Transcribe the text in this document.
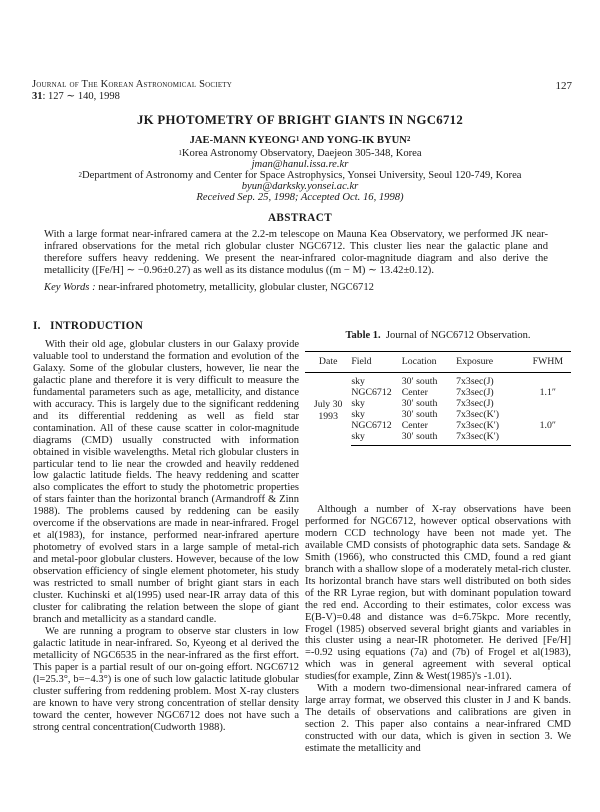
Journal of The Korean Astronomical Society
31: 127 ∼ 140, 1998
127
JK PHOTOMETRY OF BRIGHT GIANTS IN NGC6712
JAE-MANN KYEONG$^1$ AND YONG-IK BYUN$^2$
$^1$Korea Astronomy Observatory, Daejeon 305-348, Korea
jman@hanul.issa.re.kr
$^2$Department of Astronomy and Center for Space Astrophysics, Yonsei University, Seoul 120-749, Korea
byun@darksky.yonsei.ac.kr
Received Sep. 25, 1998; Accepted Oct. 16, 1998)
ABSTRACT
With a large format near-infrared camera at the 2.2-m telescope on Mauna Kea Observatory, we performed JK near-infrared observations for the metal rich globular cluster NGC6712. This cluster lies near the galactic plane and therefore suffers heavy reddening. We present the near-infrared color-magnitude diagram and also derive the metallicity ([Fe/H] ∼ −0.96±0.27) as well as its distance modulus ((m − M) ∼ 13.42±0.12).
Key Words : near-infrared photometry, metallicity, globular cluster, NGC6712
I. INTRODUCTION

With their old age, globular clusters in our Galaxy provide valuable tool to understand the formation and evolution of the Galaxy. Some of the globular clusters, however, lie near the galactic plane and therefore it is very difficult to measure the fundamental parameters such as age, metallicity, and distance with accuracy. This is largely due to the significant reddening and its differential reddening as well as field star contamination. All of these cause scatter in color-magnitude diagrams (CMD) usually constructed with information obtained in visible wavelengths. Metal rich globular clusters in particular tend to lie near the crowded and heavily reddened low galactic latitude fields. The heavy reddening and scatter also complicates the effort to study the photometric properties of stars fainter than the horizontal branch (Armandroff & Zinn 1988). The problems caused by reddening can be easily overcome if the observations are made in near-infrared. Frogel et al(1983), for instance, performed near-infrared aperture photometry of evolved stars in a large sample of metal-rich and metal-poor globular clusters. However, because of the low observation efficiency of single element photometer, his study was restricted to small number of bright giant stars in each cluster. Kuchinski et al(1995) used near-IR array data of this cluster for calibrating the relation between the slope of giant branch and metallicity as a standard candle.

We are running a program to observe star clusters in low galactic latitude in near-infrared. So, Kyeong et al derived the metallicity of NGC6535 in the near-infrared as the first effort. This paper is a partial result of our on-going effort. NGC6712 (l=25.3°, b=−4.3°) is one of such low galactic latitude globular cluster suffering from reddening problem. Most X-ray clusters are known to have very strong concentration of stellar density toward the center, however NGC6712 does not have such a strong central concentration(Cudworth 1988).

Table 1. Journal of NGC6712 Observation.
Date	Field	Location	Exposure	FWHM

July 30 1993	sky	30′ south	7x3sec(J)	
	NGC6712	Center	7x3sec(J)	1.1″
	sky	30′ south	7x3sec(J)	
	sky	30′ south	7x3sec(K′)	
	NGC6712	Center	7x3sec(K′)	1.0″
	sky	30′ south	7x3sec(K′)	

Although a number of X-ray observations have been performed for NGC6712, however optical observations with modern CCD technology have been not made yet. The available CMD consists of photographic data sets. Sandage & Smith (1966), who constructed this CMD, found a red giant branch with a shallow slope of a moderately metal-rich cluster. Its horizontal branch have stars well distributed on both sides of the RR Lyrae region, but with dominant population toward the red end. According to their estimates, color excess was E(B-V)=0.48 and distance was d=6.75kpc. More recently, Frogel (1985) observed several bright giants and variables in this cluster using a near-IR photometer. He derived [Fe/H] =-0.92 using equations (7a) and (7b) of Frogel et al(1983), which was in general agreement with several optical studies(for example, Zinn & West(1985)'s -1.01).

With a modern two-dimensional near-infrared camera of large array format, we observed this cluster in J and K bands. The details of observations and calibrations are given in section 2. This paper also contains a near-infrared CMD constructed with our data, which is given in section 3. We estimate the metallicity and
